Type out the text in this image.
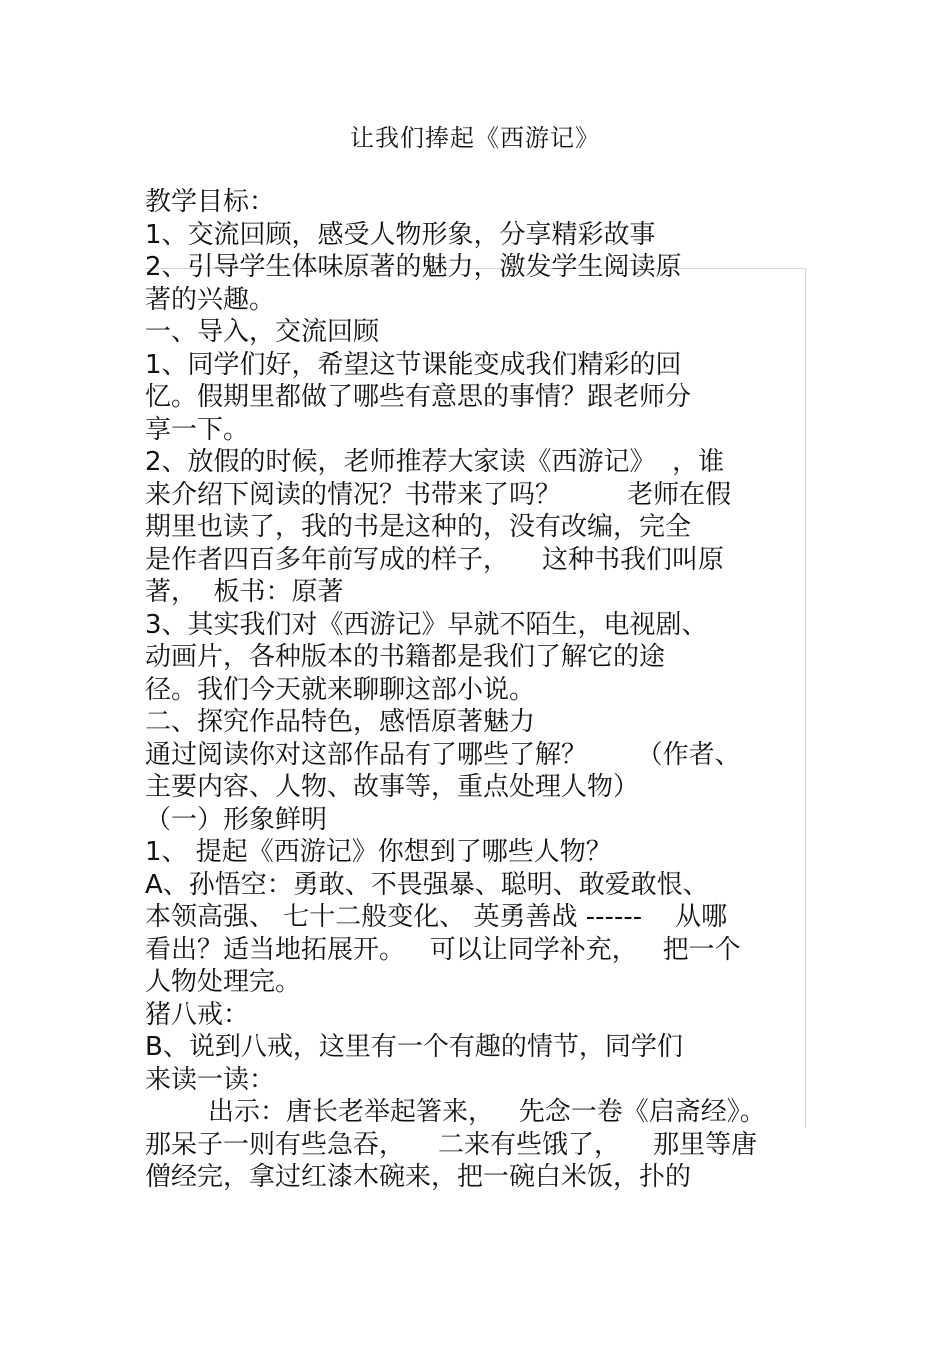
让我们捧起《西游记》
教学目标：
1、交流回顾，感受人物形象，分享精彩故事
2、引导学生体味原著的魅力，激发学生阅读原
著的兴趣。
一、导入，交流回顾
1、同学们好，希望这节课能变成我们精彩的回
忆。假期里都做了哪些有意思的事情？跟老师分
享一下。
2、放假的时候，老师推荐大家读《西游记》  ，谁
来介绍下阅读的情况？书带来了吗？        老师在假
期里也读了，我的书是这种的，没有改编，完全
是作者四百多年前写成的样子，    这种书我们叫原
著，  板书：原著
3、其实我们对《西游记》早就不陌生，电视剧、
动画片，各种版本的书籍都是我们了解它的途
径。我们今天就来聊聊这部小说。
二、探究作品特色，感悟原著魅力
通过阅读你对这部作品有了哪些了解？      （作者、
主要内容、人物、故事等，重点处理人物）
（一）形象鲜明
1、 提起《西游记》你想到了哪些人物？
A、孙悟空：勇敢、不畏强暴、聪明、敢爱敢恨、
本领高强、 七十二般变化、 英勇善战 ------    从哪
看出？适当地拓展开。   可以让同学补充，   把一个
人物处理完。
猪八戒：
B、说到八戒，这里有一个有趣的情节，同学们
来读一读：
出示：唐长老举起箸来，   先念一卷《启斋经》。
那呆子一则有些急吞，    二来有些饿了，    那里等唐
僧经完，拿过红漆木碗来，把一碗白米饭，扑的
